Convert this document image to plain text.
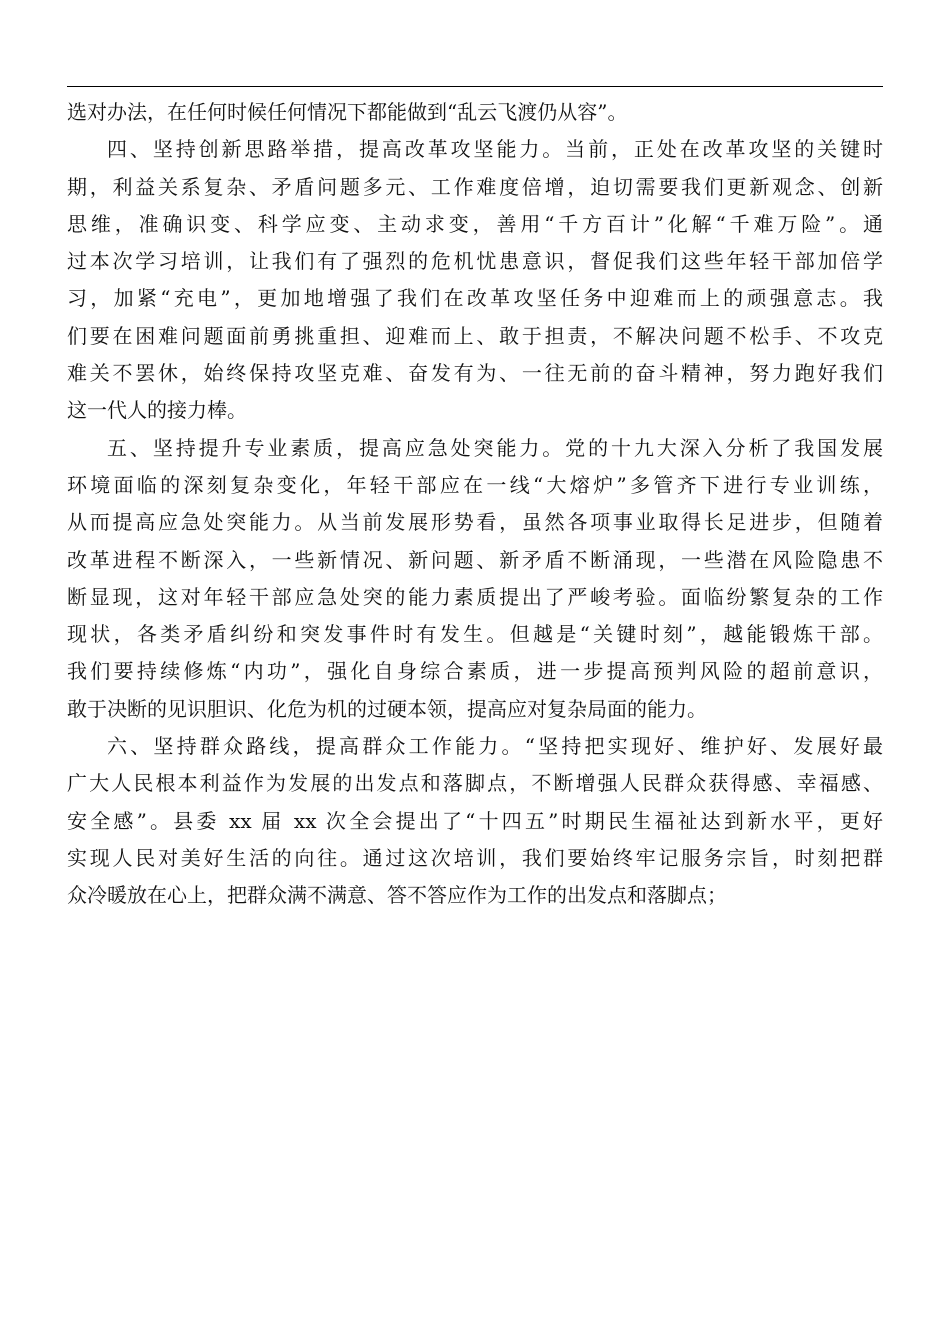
选对办法，在任何时候任何情况下都能做到“乱云飞渡仍从容”。
四、坚持创新思路举措，提高改革攻坚能力。当前，正处在改革攻坚的关键时
期，利益关系复杂、矛盾问题多元、工作难度倍增，迫切需要我们更新观念、创新
思维，准确识变、科学应变、主动求变，善用“千方百计”化解“千难万险”。通
过本次学习培训，让我们有了强烈的危机忧患意识，督促我们这些年轻干部加倍学
习，加紧“充电”，更加地增强了我们在改革攻坚任务中迎难而上的顽强意志。我
们要在困难问题面前勇挑重担、迎难而上、敢于担责，不解决问题不松手、不攻克
难关不罢休，始终保持攻坚克难、奋发有为、一往无前的奋斗精神，努力跑好我们
这一代人的接力棒。
五、坚持提升专业素质，提高应急处突能力。党的十九大深入分析了我国发展
环境面临的深刻复杂变化，年轻干部应在一线“大熔炉”多管齐下进行专业训练，
从而提高应急处突能力。从当前发展形势看，虽然各项事业取得长足进步，但随着
改革进程不断深入，一些新情况、新问题、新矛盾不断涌现，一些潜在风险隐患不
断显现，这对年轻干部应急处突的能力素质提出了严峻考验。面临纷繁复杂的工作
现状，各类矛盾纠纷和突发事件时有发生。但越是“关键时刻”，越能锻炼干部。
我们要持续修炼“内功”，强化自身综合素质，进一步提高预判风险的超前意识，
敢于决断的见识胆识、化危为机的过硬本领，提高应对复杂局面的能力。
六、坚持群众路线，提高群众工作能力。“坚持把实现好、维护好、发展好最
广大人民根本利益作为发展的出发点和落脚点，不断增强人民群众获得感、幸福感、
安全感”。县委 xx 届 xx 次全会提出了“十四五”时期民生福祉达到新水平，更好
实现人民对美好生活的向往。通过这次培训，我们要始终牢记服务宗旨，时刻把群
众冷暖放在心上，把群众满不满意、答不答应作为工作的出发点和落脚点；
